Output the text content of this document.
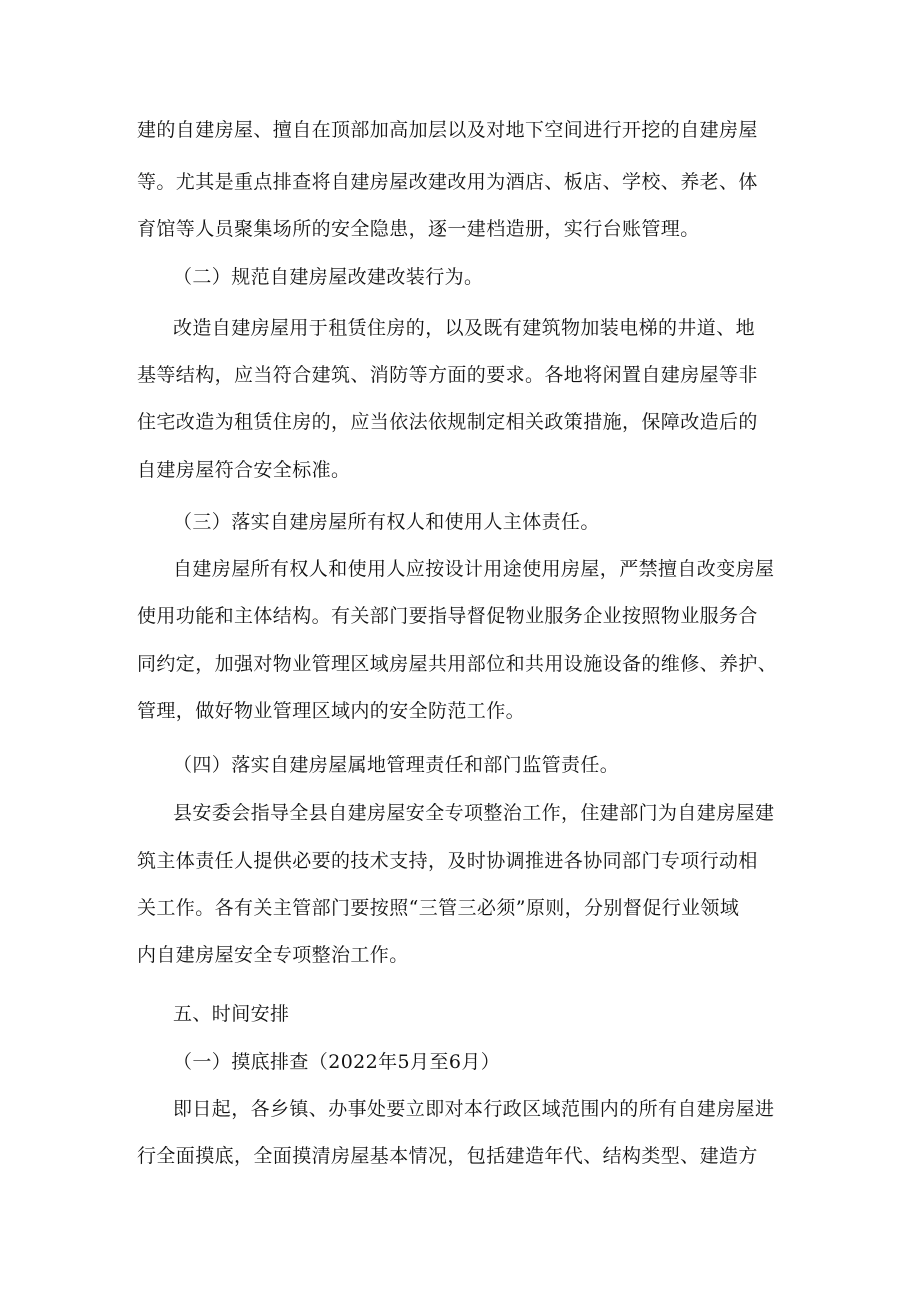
建的自建房屋、擅自在顶部加高加层以及对地下空间进行开挖的自建房屋
等。尤其是重点排查将自建房屋改建改用为酒店、板店、学校、养老、体
育馆等人员聚集场所的安全隐患，逐一建档造册，实行台账管理。
（二）规范自建房屋改建改装行为。
改造自建房屋用于租赁住房的，以及既有建筑物加装电梯的井道、地
基等结构，应当符合建筑、消防等方面的要求。各地将闲置自建房屋等非
住宅改造为租赁住房的，应当依法依规制定相关政策措施，保障改造后的
自建房屋符合安全标准。
（三）落实自建房屋所有权人和使用人主体责任。
自建房屋所有权人和使用人应按设计用途使用房屋，严禁擅自改变房屋
使用功能和主体结构。有关部门要指导督促物业服务企业按照物业服务合
同约定，加强对物业管理区域房屋共用部位和共用设施设备的维修、养护、
管理，做好物业管理区域内的安全防范工作。
（四）落实自建房屋属地管理责任和部门监管责任。
县安委会指导全县自建房屋安全专项整治工作，住建部门为自建房屋建
筑主体责任人提供必要的技术支持，及时协调推进各协同部门专项行动相
关工作。各有关主管部门要按照“三管三必须”原则，分别督促行业领域
内自建房屋安全专项整治工作。
五、时间安排
（一）摸底排查（2022年5月至6月）
即日起，各乡镇、办事处要立即对本行政区域范围内的所有自建房屋进
行全面摸底，全面摸清房屋基本情况，包括建造年代、结构类型、建造方
